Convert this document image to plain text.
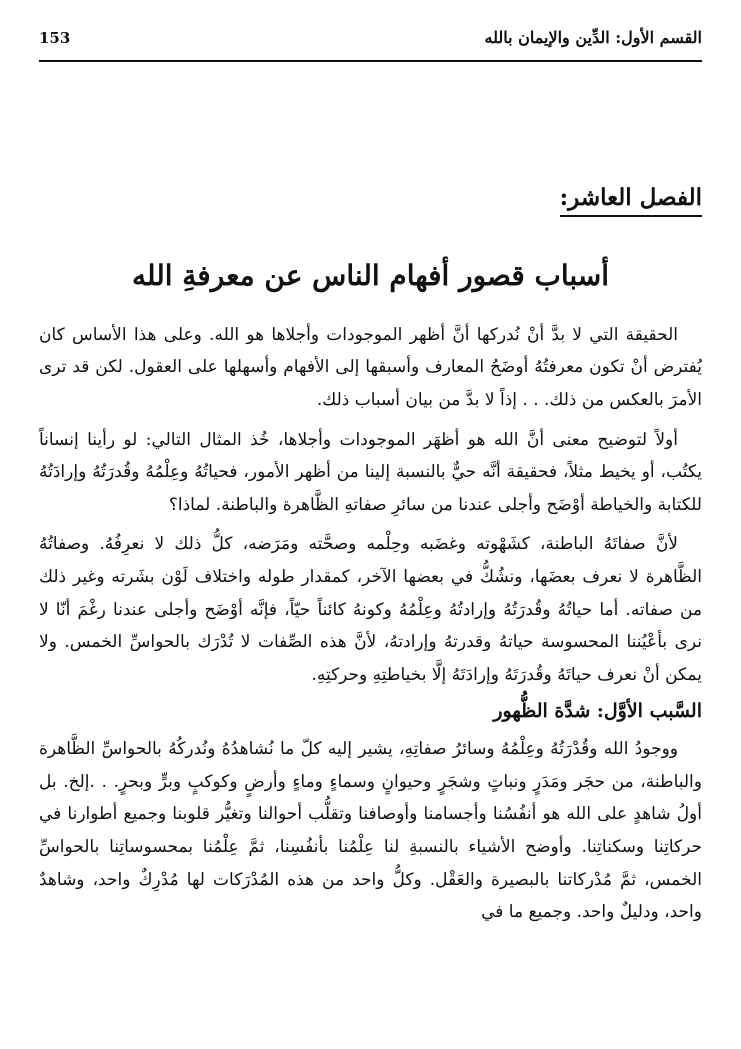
القسم الأول: الدِّين والإيمان بالله
153
الفصل العاشر:
أسباب قصور أفهام الناس عن معرفةِ الله

الحقيقة التي لا بدَّ أنْ نُدركها أنَّ أظهر الموجودات وأجلاها هو الله. وعلى هذا الأساس كان يُفترض أنْ تكون معرفتُهُ أوضَحُ المعارف وأسبقها إلى الأفهام وأسهلها على العقول. لكن قد ترى الأمرَ بالعكس من ذلك. . . إذاً لا بدَّ من بيان أسباب ذلك.

أولاً لتوضيح معنى أنَّ الله هو أظهَر الموجودات وأجلاها، خُذ المثال التالي: لو رأينا إنساناً يكتُب، أو يخيط مثلاً، فحقيقة أنَّه حيٌّ بالنسبة إلينا من أظهر الأمور، فحياتُهُ وعِلْمُهُ وقُدرَتُهُ وإرادَتُهُ للكتابة والخياطة أوْضَح وأجلى عندنا من سائرِ صفاتهِ الظَّاهرة والباطنة. لماذا؟

لأنَّ صفاتَهُ الباطنة، كشَهْوته وغضَبه وحِلْمه وصحَّته ومَرَضه، كلُّ ذلك لا نعرِفُهُ. وصفاتُهُ الظَّاهرة لا نعرف بعضَها، ونشُكُّ في بعضها الآخر، كمقدار طوله واختلاف لَوْن بشَرته وغير ذلك من صفاته. أما حياتُهُ وقُدرَتُهُ وإرادتُهُ وعِلْمُهُ وكونهُ كائناً حيّاً، فإنَّه أوْضَح وأجلى عندنا رغْمَ أنّا لا نرى بأعْيُننا المحسوسة حياتهُ وقدرتهُ وإرادتهُ، لأنَّ هذه الصِّفات لا تُدْرَك بالحواسِّ الخمس. ولا يمكن أنْ نعرف حياتَهُ وقُدرَتَهُ وإرادَتَهُ إلَّا بخياطتِهِ وحركتِهِ.

السَّبب الأوَّل: شدَّة الظُّهور

ووجودُ الله وقُدْرَتُهُ وعِلْمُهُ وسائرُ صفاتِهِ، يشير إليه كلّ ما نُشاهدُهُ ونُدركُهُ بالحواسِّ الظَّاهرة والباطنة، من حجَر ومَدَرٍ ونباتٍ وشجَرٍ وحيوانٍ وسماءٍ وماءٍ وأرضٍ وكوكبٍ وبرٍّ وبحرٍ. . .إلخ. بل أولُ شاهدٍ على الله هو أنفُسُنا وأجسامنا وأوصافنا وتقلُّب أحوالنا وتغيُّر قلوبنا وجميع أطوارنا في حركاتِنا وسكناتِنا. وأوضح الأشياء بالنسبةِ لنا عِلْمُنا بأنفُسِنا، ثمَّ عِلْمُنا بمحسوساتِنا بالحواسِّ الخمس، ثمَّ مُدْركاتنا بالبصيرة والعَقْل. وكلُّ واحد من هذه المُدْرَكات لها مُدْرِكٌ واحد، وشاهدٌ واحد، ودليلٌ واحد. وجميع ما في
